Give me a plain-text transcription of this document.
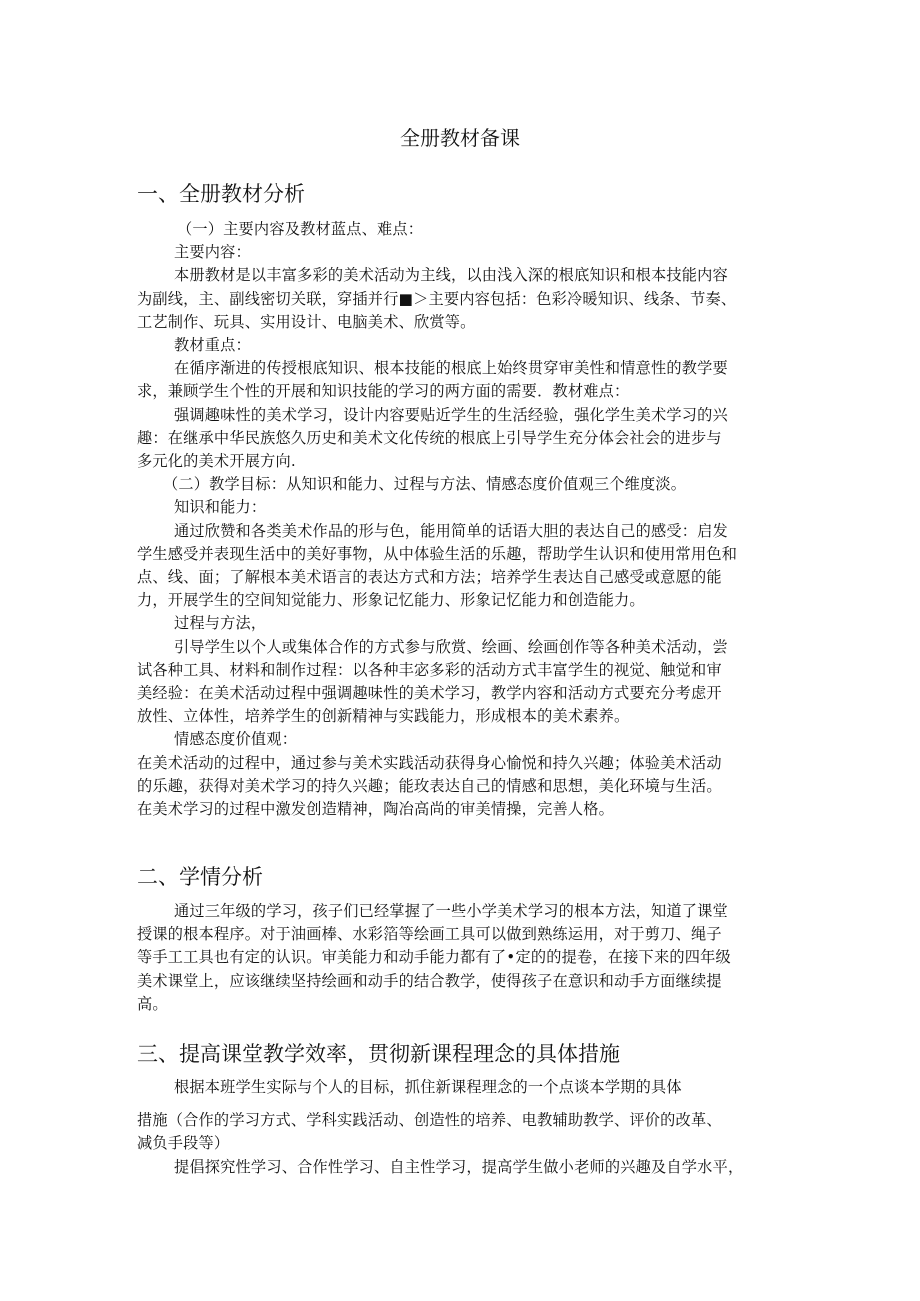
全册教材备课
一、全册教材分析
（一）主要内容及教材蓝点、难点：
主要内容：
本册教材是以丰富多彩的美术活动为主线，以由浅入深的根底知识和根本技能内容
为副线，主、副线密切关联，穿插并行■＞主要内容包括：色彩冷暖知识、线条、节奏、
工艺制作、玩具、实用设计、电脑美术、欣赏等。
教材重点：
在循序渐进的传授根底知识、根本技能的根底上始终贯穿审美性和情意性的教学要
求，兼顾学生个性的开展和知识技能的学习的两方面的需要．教材难点：
强调趣味性的美术学习，设计内容要贴近学生的生活经验，强化学生美术学习的兴
趣：在继承中华民族悠久历史和美术文化传统的根底上引导学生充分体会社会的进步与
多元化的美术开展方向.
（二）教学目标：从知识和能力、过程与方法、情感态度价值观三个维度淡。
知识和能力：
通过欣赞和各类美术作品的形与色，能用简单的话语大胆的表达自己的感受：启发
学生感受并表现生活中的美好事物，从中体验生活的乐趣，帮助学生认识和使用常用色和
点、线、面；了解根本美术语言的表达方式和方法；培养学生表达自己感受或意愿的能
力，开展学生的空间知觉能力、形象记忆能力、形象记忆能力和创造能力。
过程与方法，
引导学生以个人或集体合作的方式参与欣赏、绘画、绘画创作等各种美术活动，尝
试各种工具、材料和制作过程：以各种丰宓多彩的活动方式丰富学生的视觉、触觉和审
美经验：在美术活动过程中强调趣味性的美术学习，教学内容和活动方式要充分考虑开
放性、立体性，培养学生的创新精神与实践能力，形成根本的美术素养。
情感态度价值观：
在美术活动的过程中，通过参与美术实践活动获得身心愉悦和持久兴趣；体验美术活动
的乐趣，获得对美术学习的持久兴趣；能玫表达自己的情感和思想，美化环境与生活。
在美术学习的过程中激发创造精神，陶冶高尚的审美情操，完善人格。
二、学情分析
通过三年级的学习，孩子们已经掌握了一些小学美术学习的根本方法，知道了课堂
授课的根本程序。对于油画棒、水彩箔等绘画工具可以做到熟练运用，对于剪刀、绳子
等手工工具也有定的认识。审美能力和动手能力都有了•定的的提卷，在接下来的四年级
美术课堂上，应该继续坚持绘画和动手的结合教学，使得孩子在意识和动手方面继续提
高。
三、提高课堂教学效率，贯彻新课程理念的具体措施
根据本班学生实际与个人的目标，抓住新课程理念的一个点谈本学期的具体
措施（合作的学习方式、学科实践活动、创造性的培养、电教辅助教学、评价的改革、
减负手段等）
提倡探究性学习、合作性学习、自主性学习，提高学生做小老师的兴趣及自学水平，
